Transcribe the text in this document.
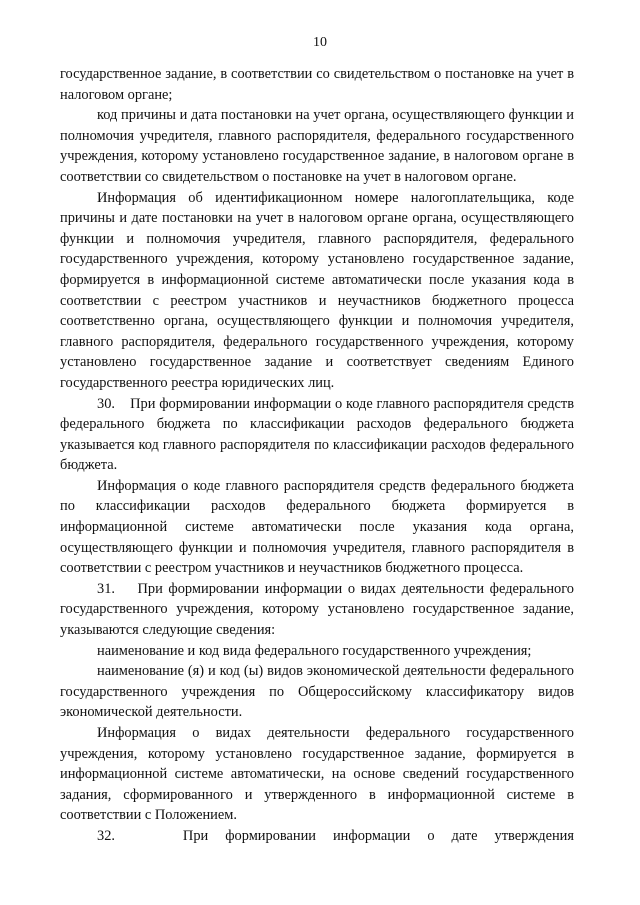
10

государственное задание, в соответствии со свидетельством о постановке на учет в налоговом органе;

код причины и дата постановки на учет органа, осуществляющего функции и полномочия учредителя, главного распорядителя, федерального государственного учреждения, которому установлено государственное задание, в налоговом органе в соответствии со свидетельством о постановке на учет в налоговом органе.

Информация об идентификационном номере налогоплательщика, коде причины и дате постановки на учет в налоговом органе органа, осуществляющего функции и полномочия учредителя, главного распорядителя, федерального государственного учреждения, которому установлено государственное задание, формируется в информационной системе автоматически после указания кода в соответствии с реестром участников и неучастников бюджетного процесса соответственно органа, осуществляющего функции и полномочия учредителя, главного распорядителя, федерального государственного учреждения, которому установлено государственное задание и соответствует сведениям Единого государственного реестра юридических лиц.

30.    При формировании информации о коде главного распорядителя средств федерального бюджета по классификации расходов федерального бюджета указывается код главного распорядителя по классификации расходов федерального бюджета.

Информация о коде главного распорядителя средств федерального бюджета по классификации расходов федерального бюджета формируется в информационной системе автоматически после указания кода органа, осуществляющего функции и полномочия учредителя, главного распорядителя в соответствии с реестром участников и неучастников бюджетного процесса.

31.    При формировании информации о видах деятельности федерального государственного учреждения, которому установлено государственное задание, указываются следующие сведения:

наименование и код вида федерального государственного учреждения;

наименование (я) и код (ы) видов экономической деятельности федерального государственного учреждения по Общероссийскому классификатору видов экономической деятельности.

Информация о видах деятельности федерального государственного учреждения, которому установлено государственное задание, формируется в информационной системе автоматически, на основе сведений государственного задания, сформированного и утвержденного в информационной системе в соответствии с Положением.

32.    При формировании информации о дате утверждения
